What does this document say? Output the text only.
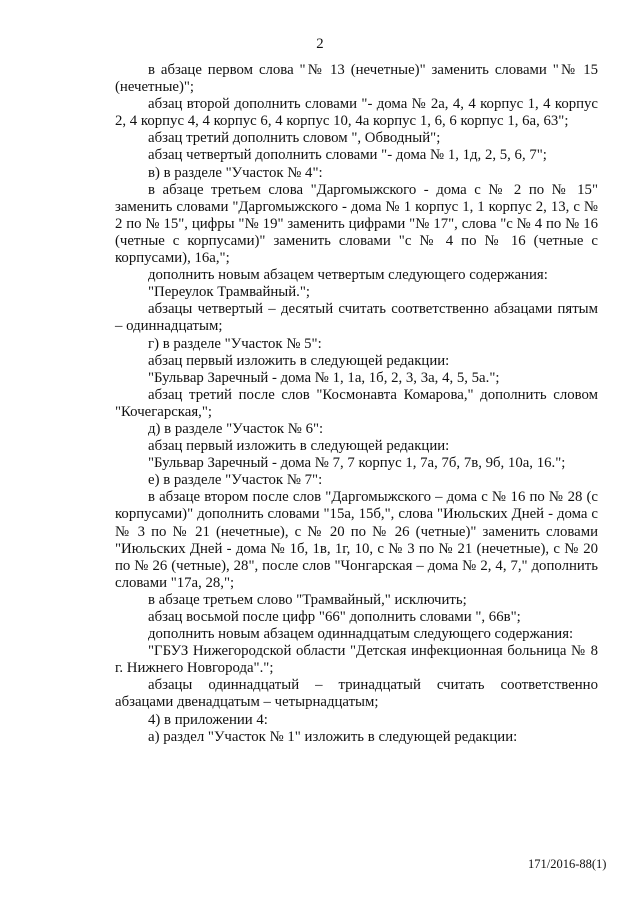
2

в абзаце первом слова "№ 13 (нечетные)" заменить словами "№ 15 (нечетные)";

абзац второй дополнить словами "- дома № 2а, 4, 4 корпус 1, 4 корпус 2, 4 корпус 4, 4 корпус 6, 4 корпус 10, 4а корпус 1, 6, 6 корпус 1, 6а, 63";

абзац третий дополнить словом ", Обводный";

абзац четвертый дополнить словами "- дома № 1, 1д, 2, 5, 6, 7";

в) в разделе "Участок № 4":

в абзаце третьем слова "Даргомыжского - дома с № 2 по № 15" заменить словами "Даргомыжского - дома № 1 корпус 1, 1 корпус 2, 13, с № 2 по № 15", цифры "№ 19" заменить цифрами "№ 17", слова "с № 4 по № 16 (четные с корпусами)" заменить словами "с № 4 по № 16 (четные с корпусами), 16а,";

дополнить новым абзацем четвертым следующего содержания:

"Переулок Трамвайный.";

абзацы четвертый – десятый считать соответственно абзацами пятым – одиннадцатым;

г) в разделе "Участок № 5":

абзац первый изложить в следующей редакции:

"Бульвар Заречный - дома № 1, 1а, 1б, 2, 3, 3а, 4, 5, 5а.";

абзац третий после слов "Космонавта Комарова," дополнить словом "Кочегарская,";

д) в разделе "Участок № 6":

абзац первый изложить в следующей редакции:

"Бульвар Заречный - дома № 7, 7 корпус 1, 7а, 7б, 7в, 9б, 10а, 16.";

е) в разделе "Участок № 7":

в абзаце втором после слов "Даргомыжского – дома с № 16 по № 28 (с корпусами)" дополнить словами "15а, 15б,", слова "Июльских Дней - дома с № 3 по № 21 (нечетные), с № 20 по № 26 (четные)" заменить словами "Июльских Дней - дома № 1б, 1в, 1г, 10, с № 3 по № 21 (нечетные), с № 20 по № 26 (четные), 28", после слов "Чонгарская – дома № 2, 4, 7," дополнить словами "17а, 28,";

в абзаце третьем слово "Трамвайный," исключить;

абзац восьмой после цифр "66" дополнить словами ", 66в";

дополнить новым абзацем одиннадцатым следующего содержания:

"ГБУЗ Нижегородской области "Детская инфекционная больница № 8 г. Нижнего Новгорода".";

абзацы одиннадцатый – тринадцатый считать соответственно абзацами двенадцатым – четырнадцатым;

4) в приложении 4:

а) раздел "Участок № 1" изложить в следующей редакции:

171/2016-88(1)
